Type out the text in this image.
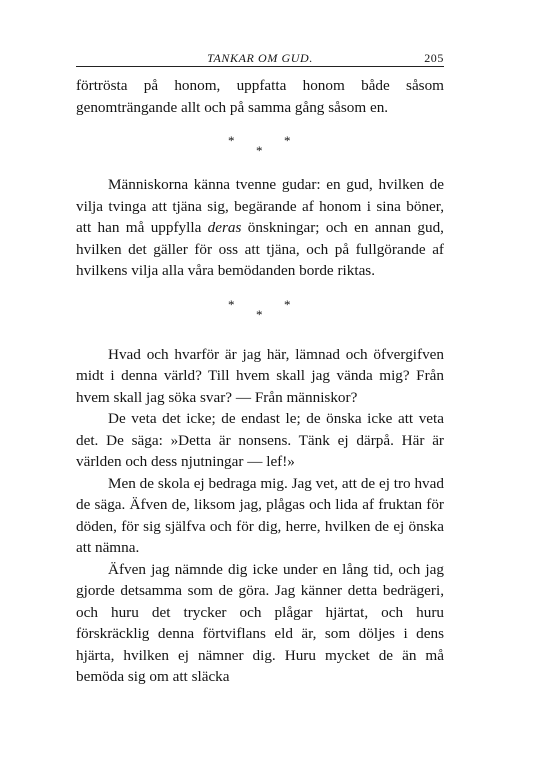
TANKAR OM GUD.	205

förtrösta på honom, uppfatta honom både såsom genomträngande allt och på samma gång såsom en.

*
*
*

Människorna känna tvenne gudar: en gud, hvilken de vilja tvinga att tjäna sig, begärande af honom i sina böner, att han må uppfylla deras önskningar; och en annan gud, hvilken det gäller för oss att tjäna, och på fullgörande af hvilkens vilja alla våra bemödanden borde riktas.

*
*
*

Hvad och hvarför är jag här, lämnad och öfvergifven midt i denna värld? Till hvem skall jag vända mig? Från hvem skall jag söka svar? — Från människor?

De veta det icke; de endast le; de önska icke att veta det. De säga: »Detta är nonsens. Tänk ej därpå. Här är världen och dess njutningar — lef!»

Men de skola ej bedraga mig. Jag vet, att de ej tro hvad de säga. Äfven de, liksom jag, plågas och lida af fruktan för döden, för sig själfva och för dig, herre, hvilken de ej önska att nämna.

Äfven jag nämnde dig icke under en lång tid, och jag gjorde detsamma som de göra. Jag känner detta bedrägeri, och huru det trycker och plågar hjärtat, och huru förskräcklig denna förtviflans eld är, som döljes i dens hjärta, hvilken ej nämner dig. Huru mycket de än må bemöda sig om att släcka
